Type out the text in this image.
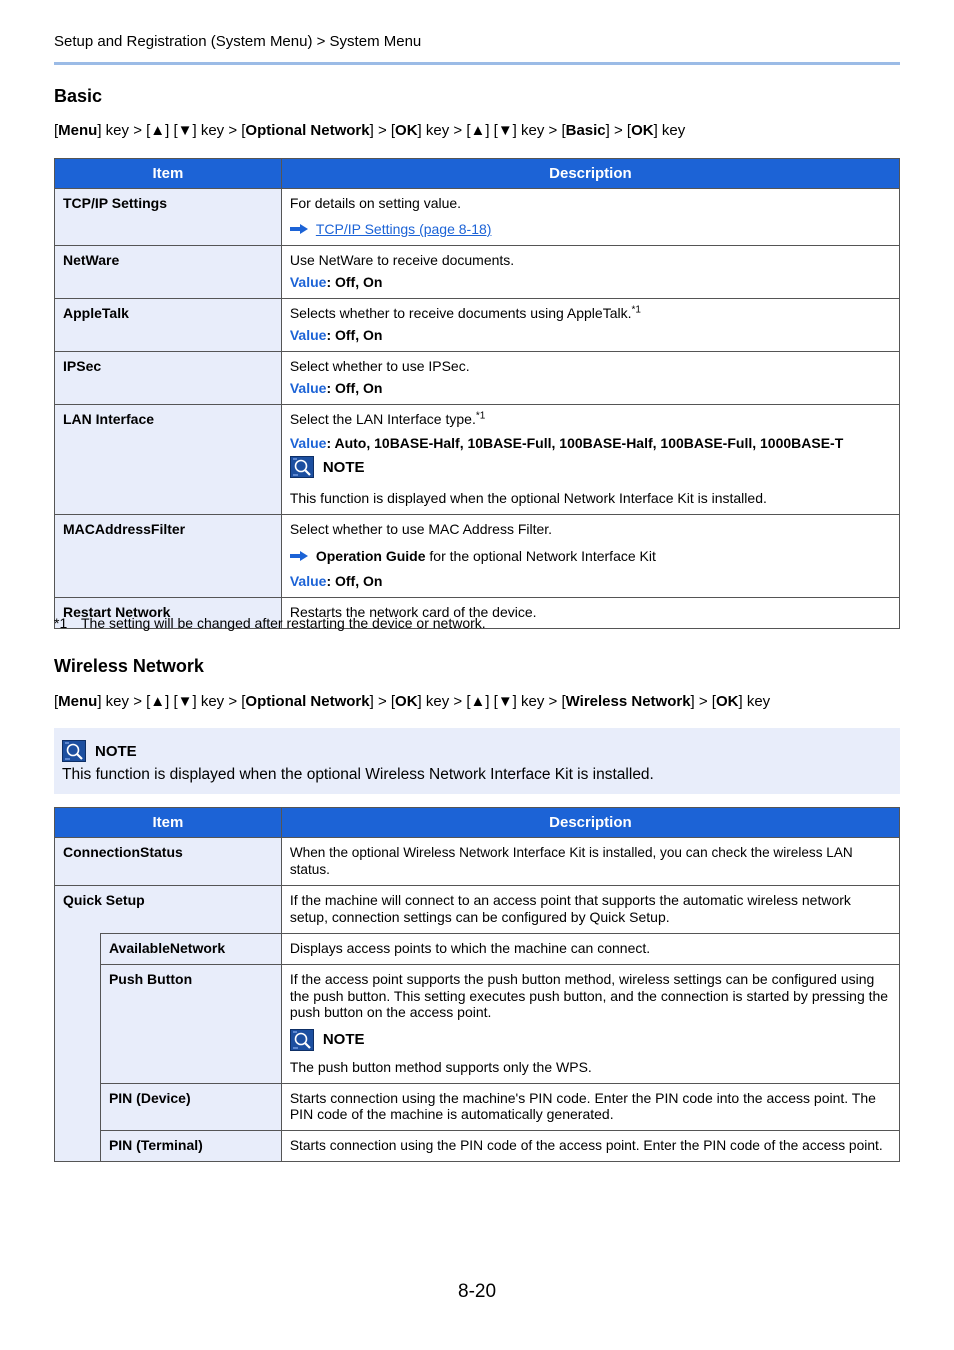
Setup and Registration (System Menu) > System Menu
Basic
[Menu] key > [▲] [▼] key > [Optional Network] > [OK] key > [▲] [▼] key > [Basic] > [OK] key
Item	Description
TCP/IP Settings	For details on setting value.
TCP/IP Settings (page 8-18)

NetWare	Use NetWare to receive documents.
Value: Off, On

AppleTalk	Selects whether to receive documents using AppleTalk.$^{*1}$
Value: Off, On

IPSec	Select whether to use IPSec.
Value: Off, On

LAN Interface	Select the LAN Interface type.$^{*1}$
Value: Auto, 10BASE-Half, 10BASE-Full, 100BASE-Half, 100BASE-Full, 1000BASE-T
NOTE
This function is displayed when the optional Network Interface Kit is installed.

MACAddressFilter	Select whether to use MAC Address Filter.
Operation Guide for the optional Network Interface Kit
Value: Off, On

Restart Network	Restarts the network card of the device.
*1 The setting will be changed after restarting the device or network.
Wireless Network
[Menu] key > [▲] [▼] key > [Optional Network] > [OK] key > [▲] [▼] key > [Wireless Network] > [OK] key
NOTE
This function is displayed when the optional Wireless Network Interface Kit is installed.
Item		Description
ConnectionStatus		When the optional Wireless Network Interface Kit is installed, you can check the wireless LAN status.
Quick Setup		If the machine will connect to an access point that supports the automatic wireless network setup, connection settings can be configured by Quick Setup.
	AvailableNetwork	Displays access points to which the machine can connect.
	Push Button	If the access point supports the push button method, wireless settings can be configured using the push button. This setting executes push button, and the connection is started by pressing the push button on the access point.
NOTE
The push button method supports only the WPS.

	PIN (Device)	Starts connection using the machine's PIN code. Enter the PIN code into the access point. The PIN code of the machine is automatically generated.
	PIN (Terminal)	Starts connection using the PIN code of the access point. Enter the PIN code of the access point.
8-20
